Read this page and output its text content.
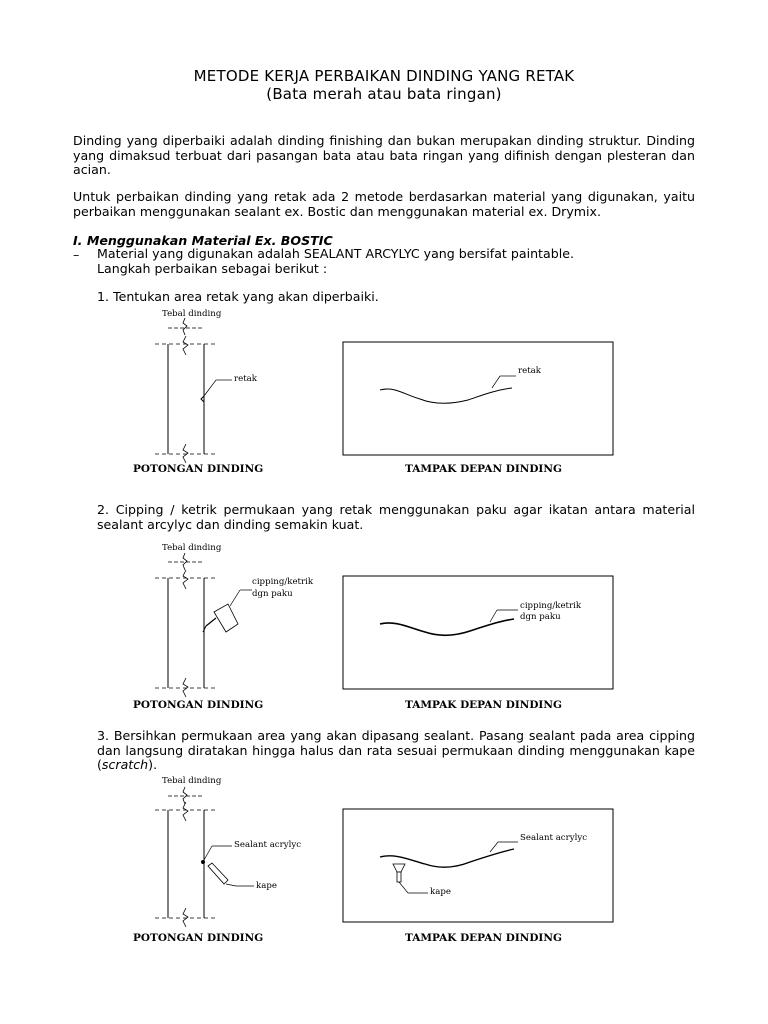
METODE KERJA PERBAIKAN DINDING YANG RETAK
(Bata merah atau bata ringan)
Dinding yang diperbaiki adalah dinding finishing dan bukan merupakan dinding struktur. Dinding yang dimaksud terbuat dari pasangan bata atau bata ringan yang difinish dengan plesteran dan acian.
Untuk perbaikan dinding yang retak ada 2 metode berdasarkan material yang digunakan, yaitu perbaikan menggunakan sealant ex. Bostic dan menggunakan material ex. Drymix.
I. Menggunakan Material Ex. BOSTIC
– Material yang digunakan adalah SEALANT ARCYLYC yang bersifat paintable.
Langkah perbaikan sebagai berikut :
1. Tentukan area retak yang akan diperbaiki.
Tebal dinding
retak
POTONGAN DINDING
retak
TAMPAK DEPAN DINDING
2. Cipping / ketrik permukaan yang retak menggunakan paku agar ikatan antara material sealant arcylyc dan dinding semakin kuat.
Tebal dinding
cipping/ketrik
dgn paku
POTONGAN DINDING
cipping/ketrik
dgn paku
TAMPAK DEPAN DINDING
3. Bersihkan permukaan area yang akan dipasang sealant. Pasang sealant pada area cipping dan langsung diratakan hingga halus dan rata sesuai permukaan dinding menggunakan kape (scratch).
Tebal dinding
Sealant acrylyc
kape
POTONGAN DINDING
Sealant acrylyc
kape
TAMPAK DEPAN DINDING
